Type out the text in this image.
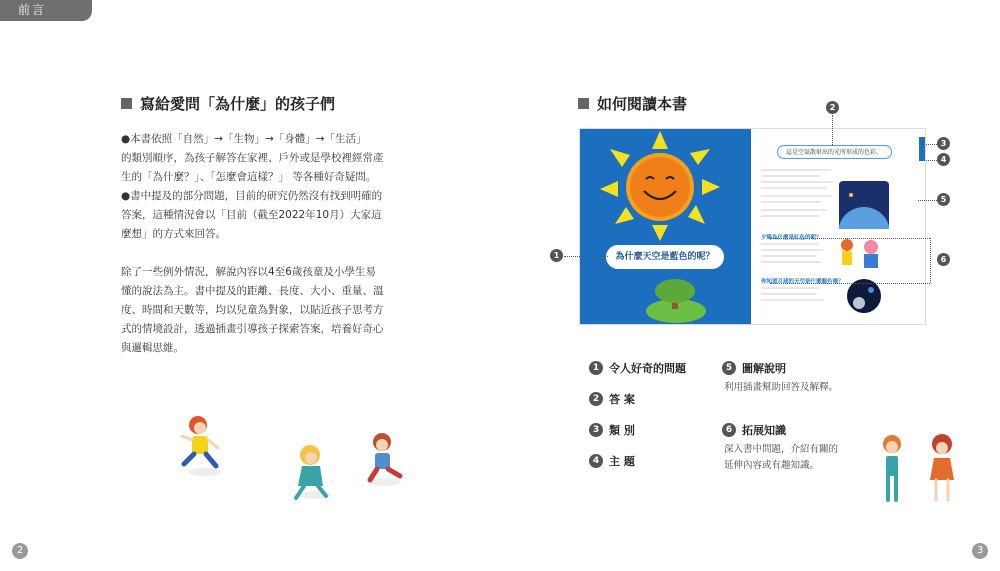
前言
寫給愛問「為什麼」的孩子們
●本書依照「自然」→「生物」→「身體」→「生活」
的類別順序，為孩子解答在家裡、戶外或是學校裡經常產
生的「為什麼？」、「怎麼會這樣？」 等各種好奇疑問。
●書中提及的部分問題，目前的研究仍然沒有找到明確的
答案，這種情況會以「目前（截至2022年10月）大家這
麼想」的方式來回答。
除了一些例外情況，解說內容以4至6歲孩童及小學生易
懂的說法為主。書中提及的距離、長度、大小、重量、溫
度、時間和天數等，均以兒童為對象，以貼近孩子思考方
式的情境設計，透過插畫引導孩子探索答案，培養好奇心
與邏輯思維。
如何閱讀本書
為什麼天空是藍色的呢？
這是空氣散射出的光所形成的色彩。
夕陽為什麼是紅色的呢？
你知道月球的天空是什麼顏色嗎？
1
2
3
4
5
6
1 令人好奇的問題
2 答 案
3 類 別
4 主 題
5 圖解說明
利用插畫幫助回答及解釋。
6 拓展知識
深入書中問題，介紹有關的
延伸內容或有趣知識。
2	3
